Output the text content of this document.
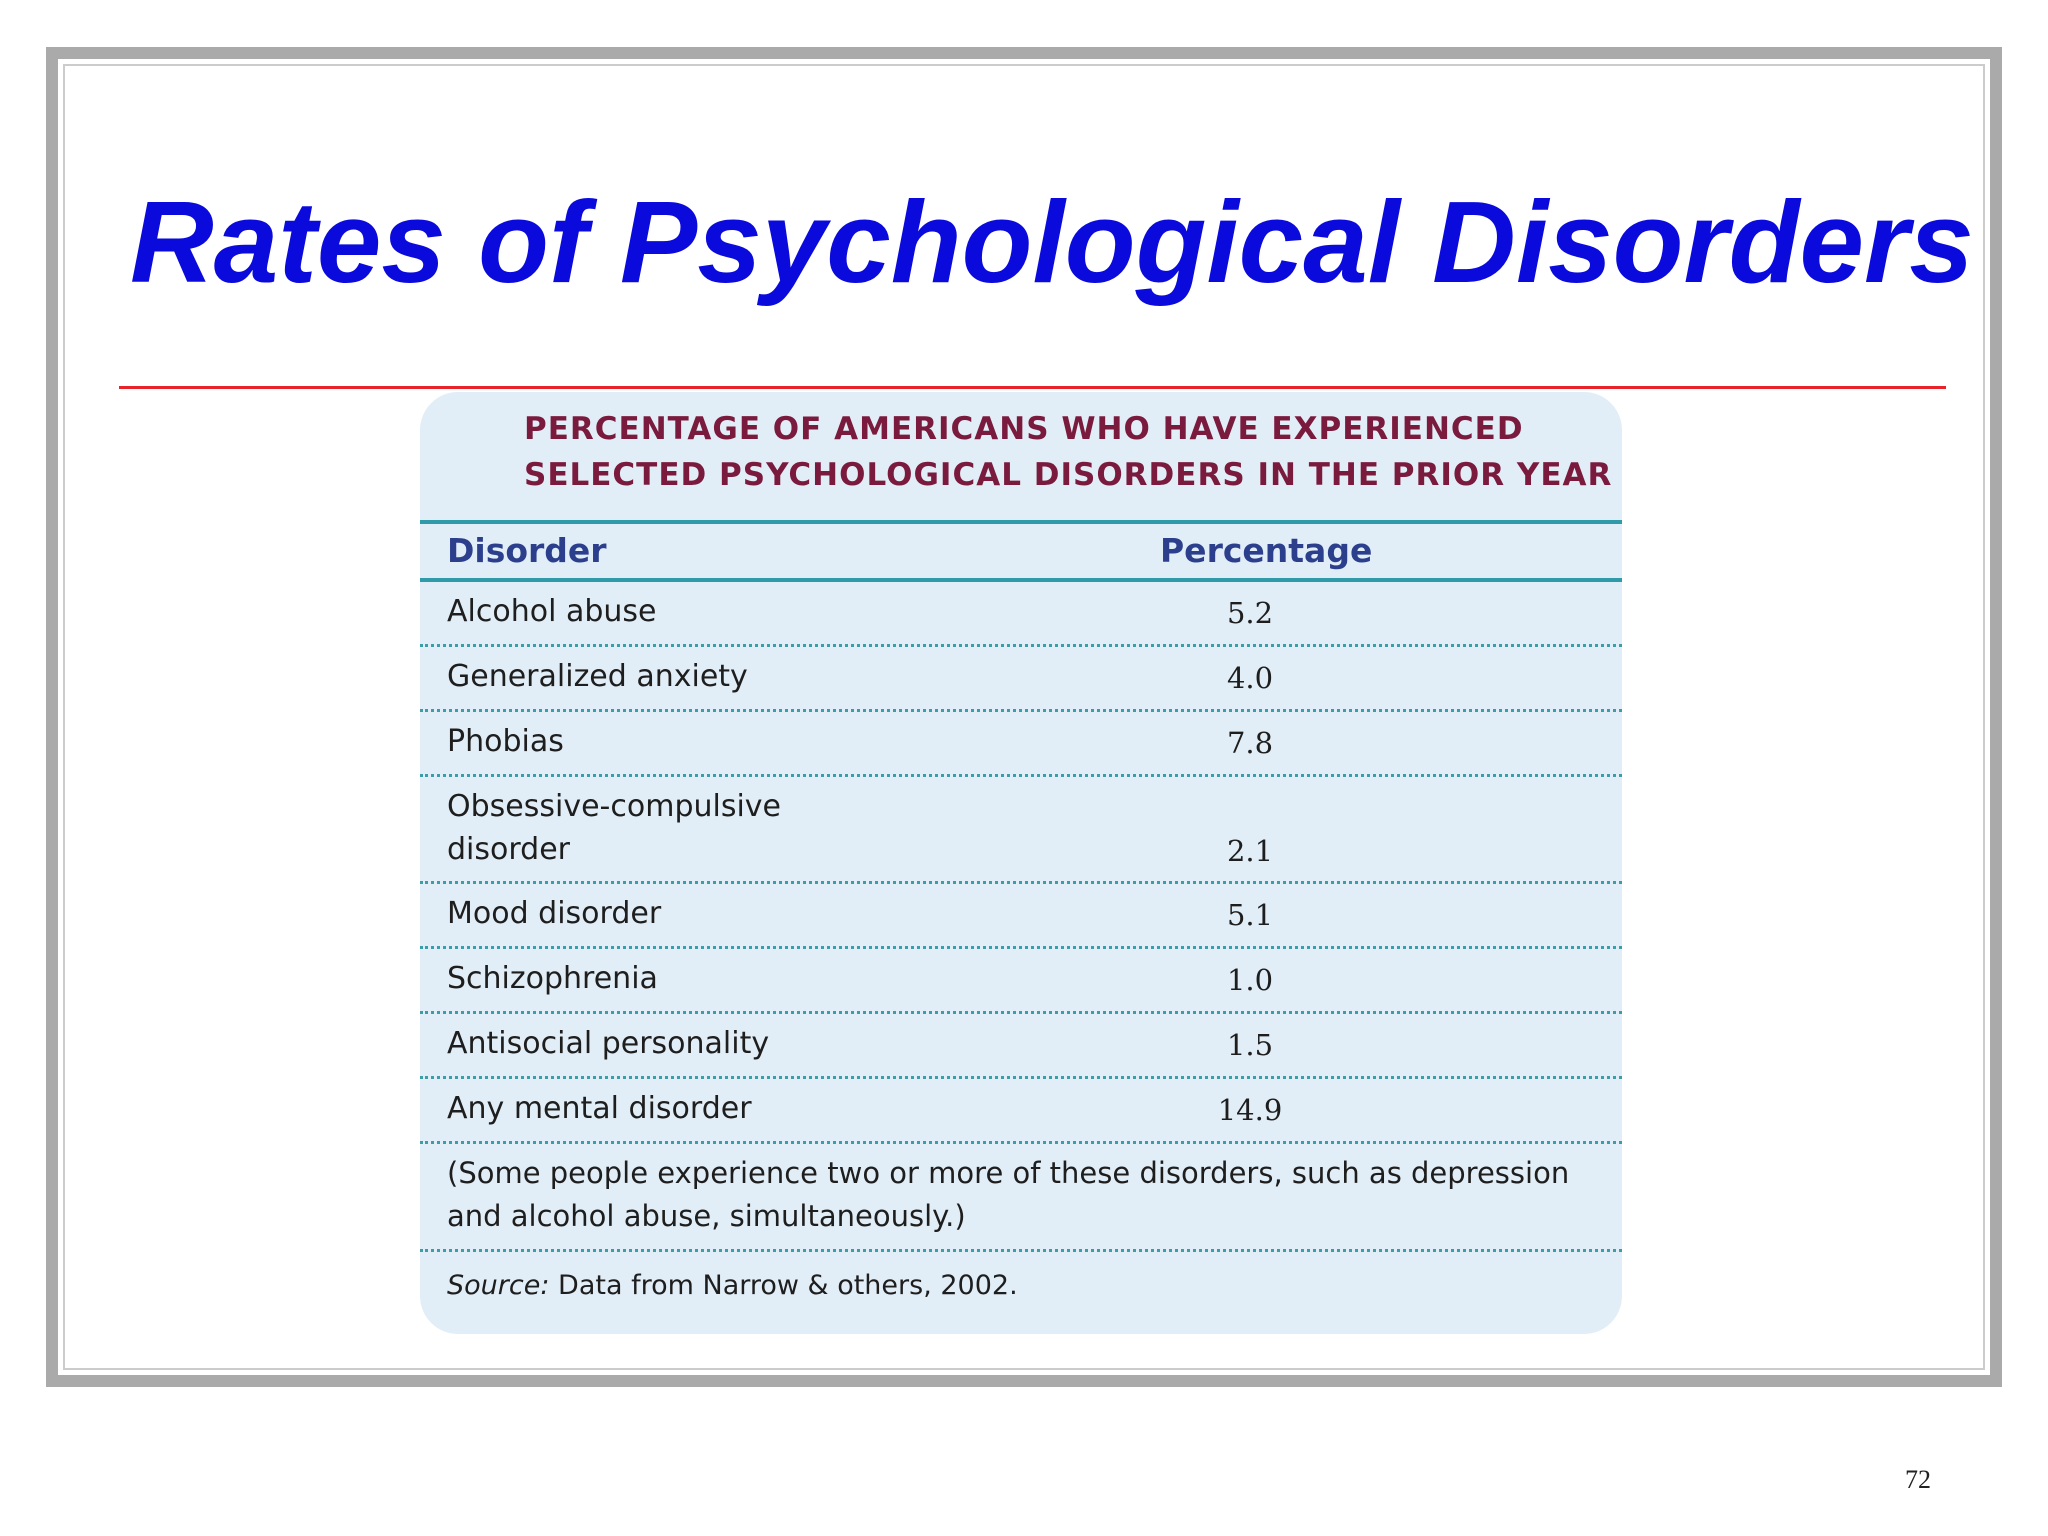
Rates of Psychological Disorders
PERCENTAGE OF AMERICANS WHO HAVE EXPERIENCED
SELECTED PSYCHOLOGICAL DISORDERS IN THE PRIOR YEAR
Disorder	Percentage
Alcohol abuse	5.2
Generalized anxiety	4.0
Phobias	7.8
Obsessive-compulsive
disorder	2.1
Mood disorder	5.1
Schizophrenia	1.0
Antisocial personality	1.5
Any mental disorder	14.9
(Some people experience two or more of these disorders, such as depression and alcohol abuse, simultaneously.)
Source: Data from Narrow & others, 2002.
72
